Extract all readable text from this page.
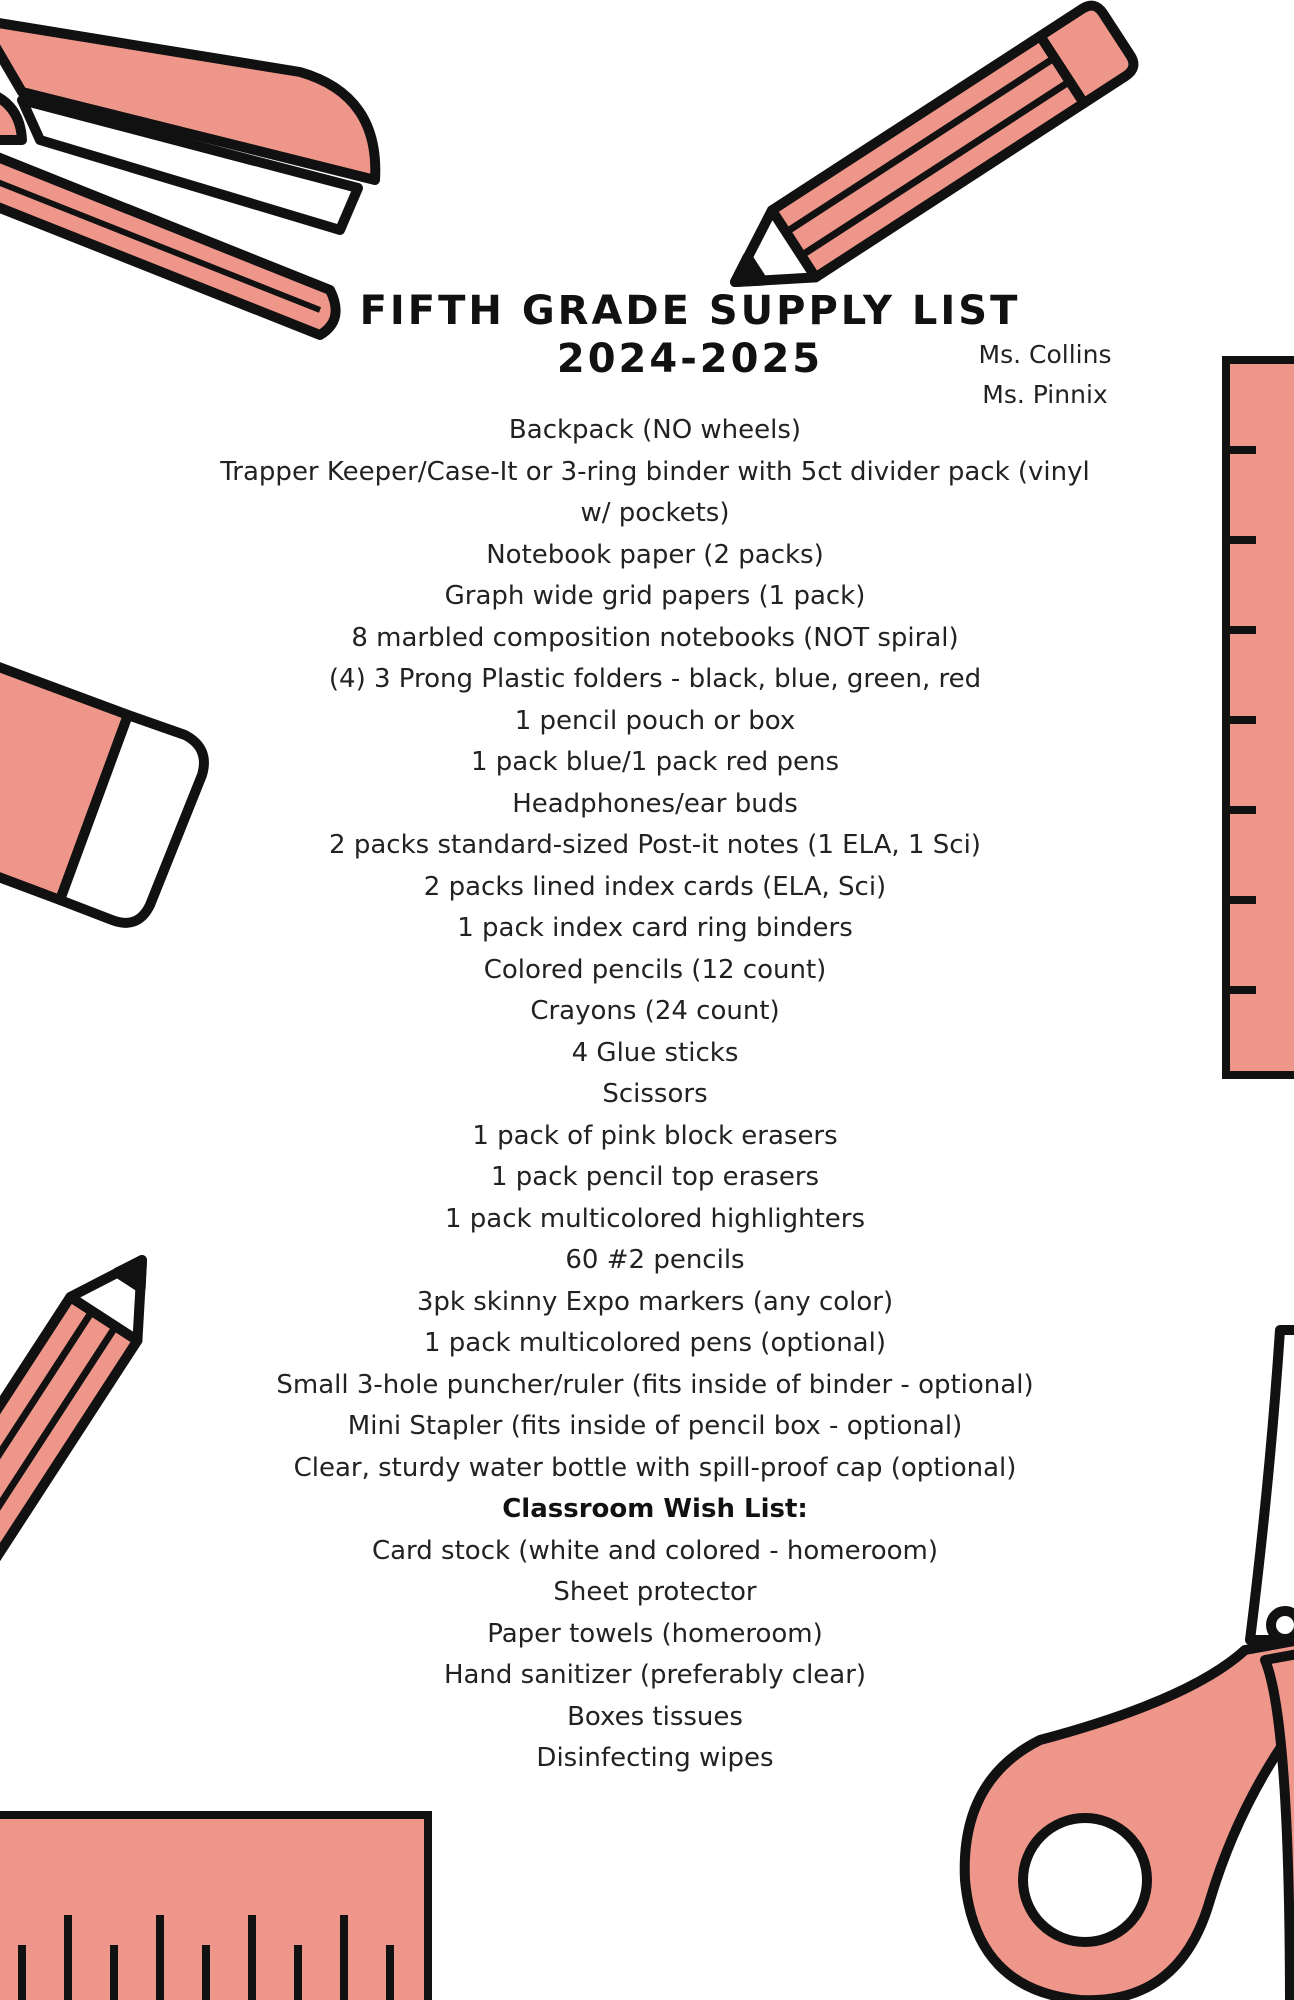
FIFTH GRADE SUPPLY LIST
2024-2025	Ms. Collins
Ms. Pinnix
Backpack (NO wheels)
Trapper Keeper/Case-It or 3-ring binder with 5ct divider pack (vinyl
w/ pockets)
Notebook paper (2 packs)
Graph wide grid papers (1 pack)
8 marbled composition notebooks (NOT spiral)
(4) 3 Prong Plastic folders - black, blue, green, red
1 pencil pouch or box
1 pack blue/1 pack red pens
Headphones/ear buds
2 packs standard-sized Post-it notes (1 ELA, 1 Sci)
2 packs lined index cards (ELA, Sci)
1 pack index card ring binders
Colored pencils (12 count)
Crayons (24 count)
4 Glue sticks
Scissors
1 pack of pink block erasers
1 pack pencil top erasers
1 pack multicolored highlighters
60 #2 pencils
3pk skinny Expo markers (any color)
1 pack multicolored pens (optional)
Small 3-hole puncher/ruler (fits inside of binder - optional)
Mini Stapler (fits inside of pencil box - optional)
Clear, sturdy water bottle with spill-proof cap (optional)
Classroom Wish List:
Card stock (white and colored - homeroom)
Sheet protector
Paper towels (homeroom)
Hand sanitizer (preferably clear)
Boxes tissues
Disinfecting wipes
